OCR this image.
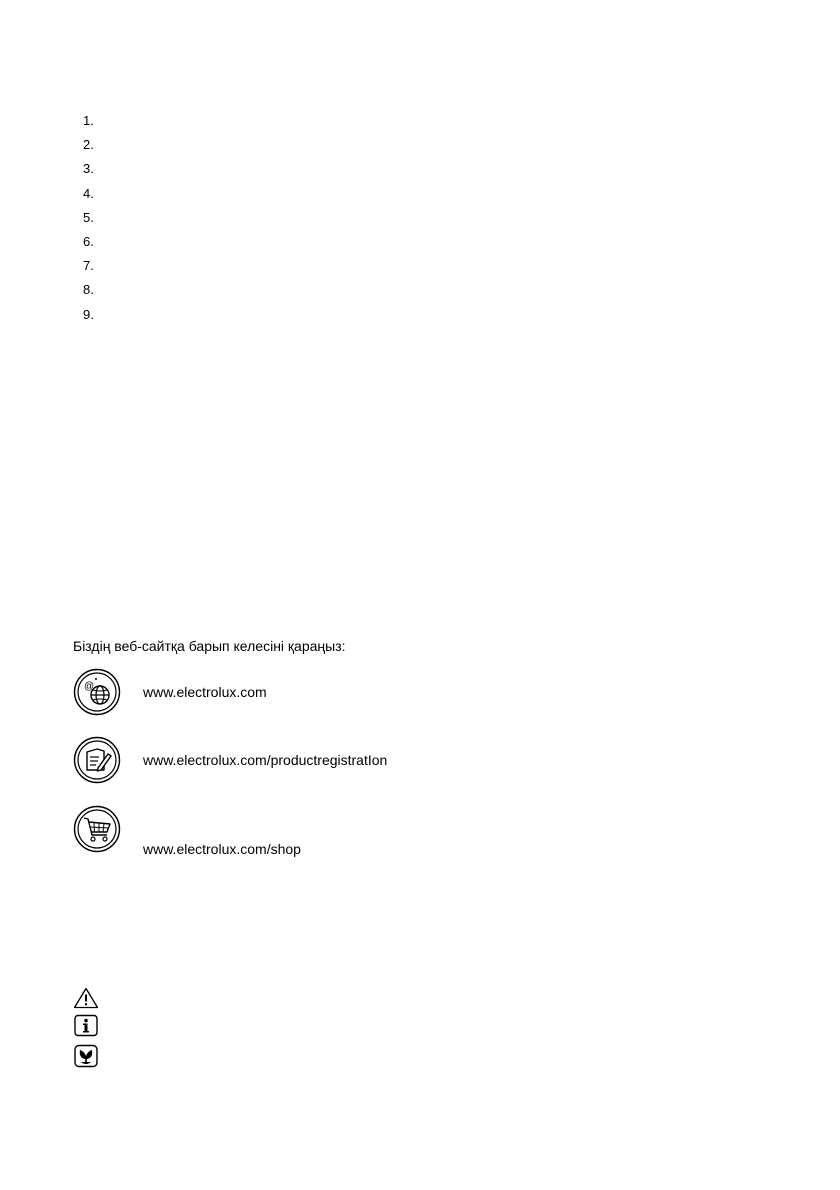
1.
2.
3.
4.
5.
6.
7.
8.
9.

Біздің веб-сайтқа барып келесіні қараңыз:

@	www.electrolux.com
www.electrolux.com/productregistratIon
www.electrolux.com/shop
